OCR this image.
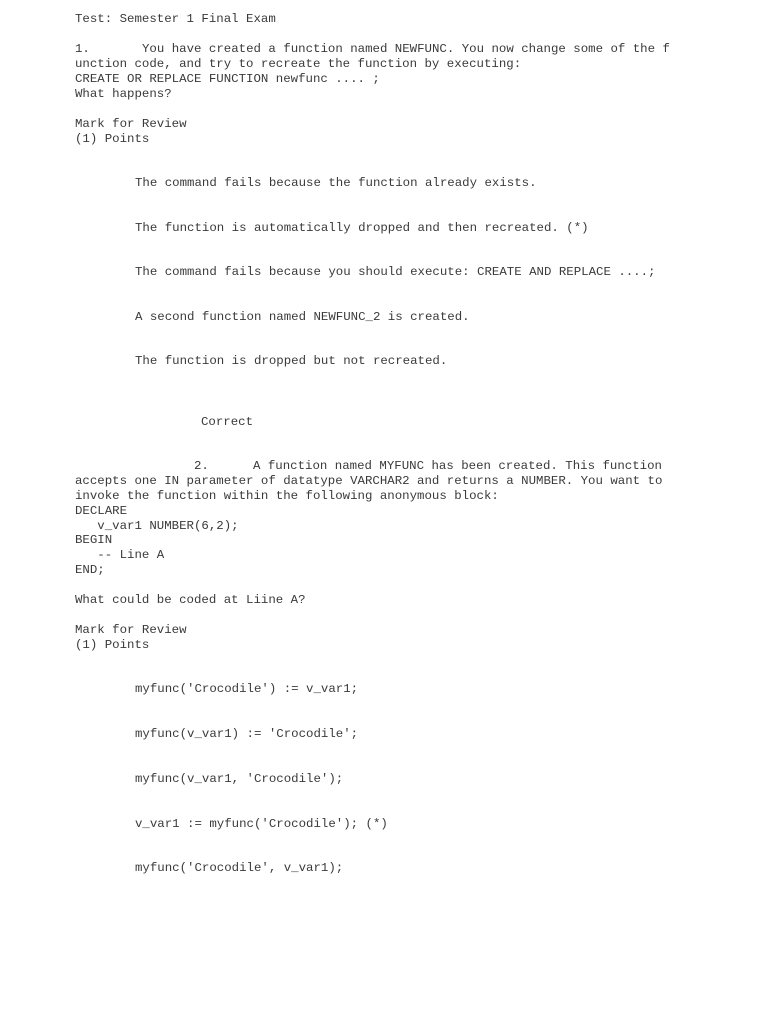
Test: Semester 1 Final Exam
1.	You have created a function named NEWFUNC. You now change some of the f
unction code, and try to recreate the function by executing:
CREATE OR REPLACE FUNCTION newfunc .... ;
What happens?
Mark for Review
(1) Points
The command fails because the function already exists.
The function is automatically dropped and then recreated. (*)
The command fails because you should execute: CREATE AND REPLACE ....;
A second function named NEWFUNC_2 is created.
The function is dropped but not recreated.
Correct
2.	A function named MYFUNC has been created. This function
accepts one IN parameter of datatype VARCHAR2 and returns a NUMBER. You want to
invoke the function within the following anonymous block:
DECLARE
v_var1 NUMBER(6,2);
BEGIN
-- Line A
END;
What could be coded at Liine A?
Mark for Review
(1) Points
myfunc('Crocodile') := v_var1;
myfunc(v_var1) := 'Crocodile';
myfunc(v_var1, 'Crocodile');
v_var1 := myfunc('Crocodile'); (*)
myfunc('Crocodile', v_var1);
